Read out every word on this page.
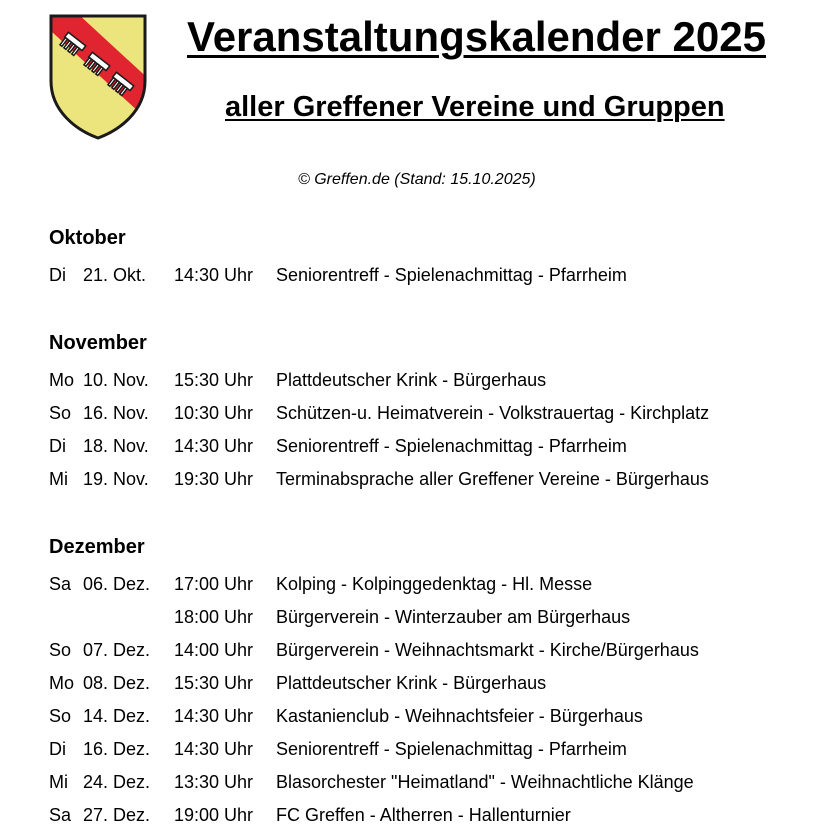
Veranstaltungskalender 2025
aller Greffener Vereine und Gruppen
© Greffen.de (Stand: 15.10.2025)
Oktober
Di 21. Okt. 14:30 Uhr Seniorentreff - Spielenachmittag - Pfarrheim
November
Mo 10. Nov. 15:30 Uhr Plattdeutscher Krink - Bürgerhaus
So 16. Nov. 10:30 Uhr Schützen-u. Heimatverein - Volkstrauertag - Kirchplatz
Di 18. Nov. 14:30 Uhr Seniorentreff - Spielenachmittag - Pfarrheim
Mi 19. Nov. 19:30 Uhr Terminabsprache aller Greffener Vereine - Bürgerhaus
Dezember
Sa 06. Dez. 17:00 Uhr Kolping - Kolpinggedenktag - Hl. Messe
18:00 Uhr Bürgerverein - Winterzauber am Bürgerhaus
So 07. Dez. 14:00 Uhr Bürgerverein - Weihnachtsmarkt - Kirche/Bürgerhaus
Mo 08. Dez. 15:30 Uhr Plattdeutscher Krink - Bürgerhaus
So 14. Dez. 14:30 Uhr Kastanienclub - Weihnachtsfeier - Bürgerhaus
Di 16. Dez. 14:30 Uhr Seniorentreff - Spielenachmittag - Pfarrheim
Mi 24. Dez. 13:30 Uhr Blasorchester "Heimatland" - Weihnachtliche Klänge
Sa 27. Dez. 19:00 Uhr FC Greffen - Altherren - Hallenturnier
